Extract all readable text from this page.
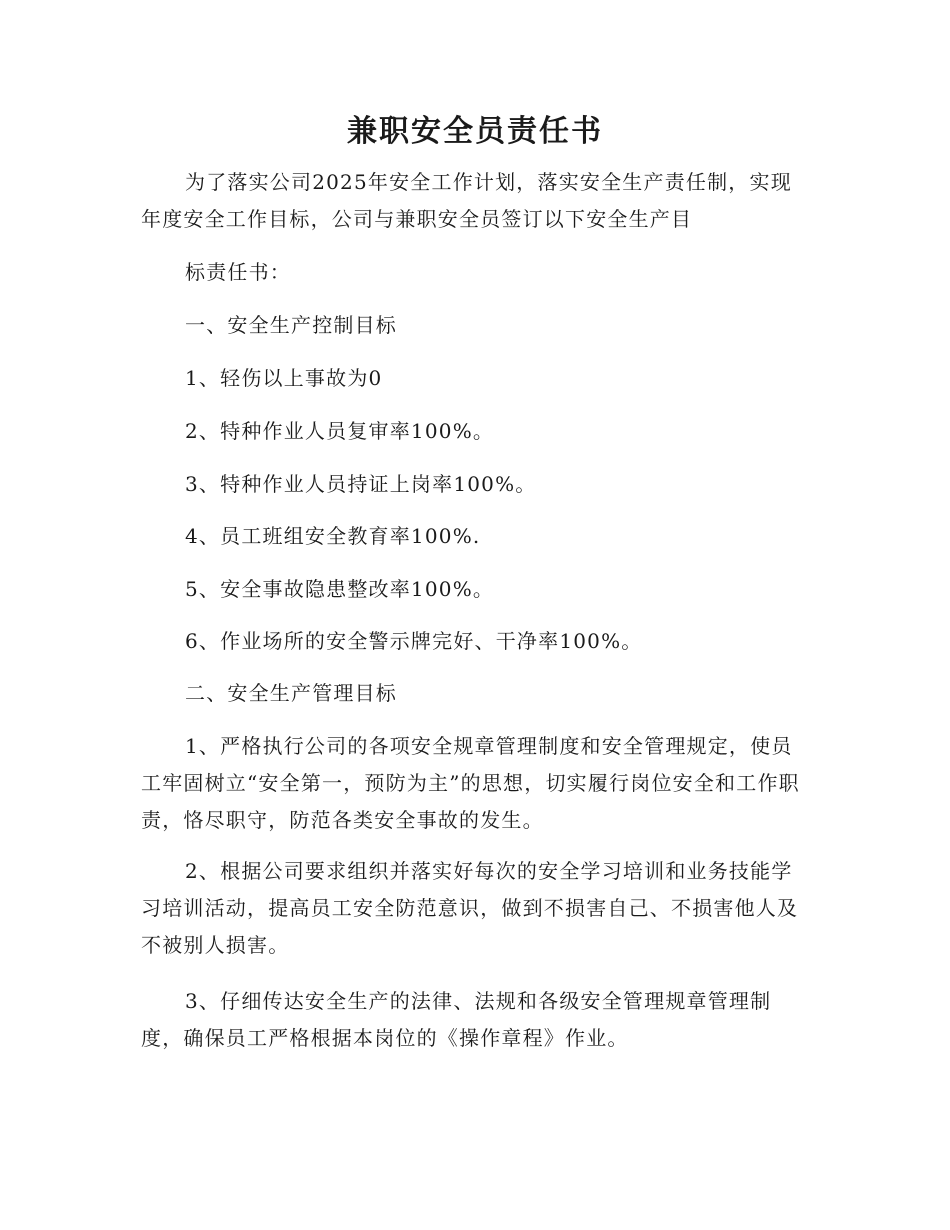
兼职安全员责任书
为了落实公司2025年安全工作计划，落实安全生产责任制，实现年度安全工作目标，公司与兼职安全员签订以下安全生产目
标责任书：
一、安全生产控制目标
1、轻伤以上事故为0
2、特种作业人员复审率100%。
3、特种作业人员持证上岗率100%。
4、员工班组安全教育率100%.
5、安全事故隐患整改率100%。
6、作业场所的安全警示牌完好、干净率100%。
二、安全生产管理目标
1、严格执行公司的各项安全规章管理制度和安全管理规定，使员工牢固树立“安全第一，预防为主”的思想，切实履行岗位安全和工作职责，恪尽职守，防范各类安全事故的发生。
2、根据公司要求组织并落实好每次的安全学习培训和业务技能学习培训活动，提高员工安全防范意识，做到不损害自己、不损害他人及不被别人损害。
3、仔细传达安全生产的法律、法规和各级安全管理规章管理制度，确保员工严格根据本岗位的《操作章程》作业。
